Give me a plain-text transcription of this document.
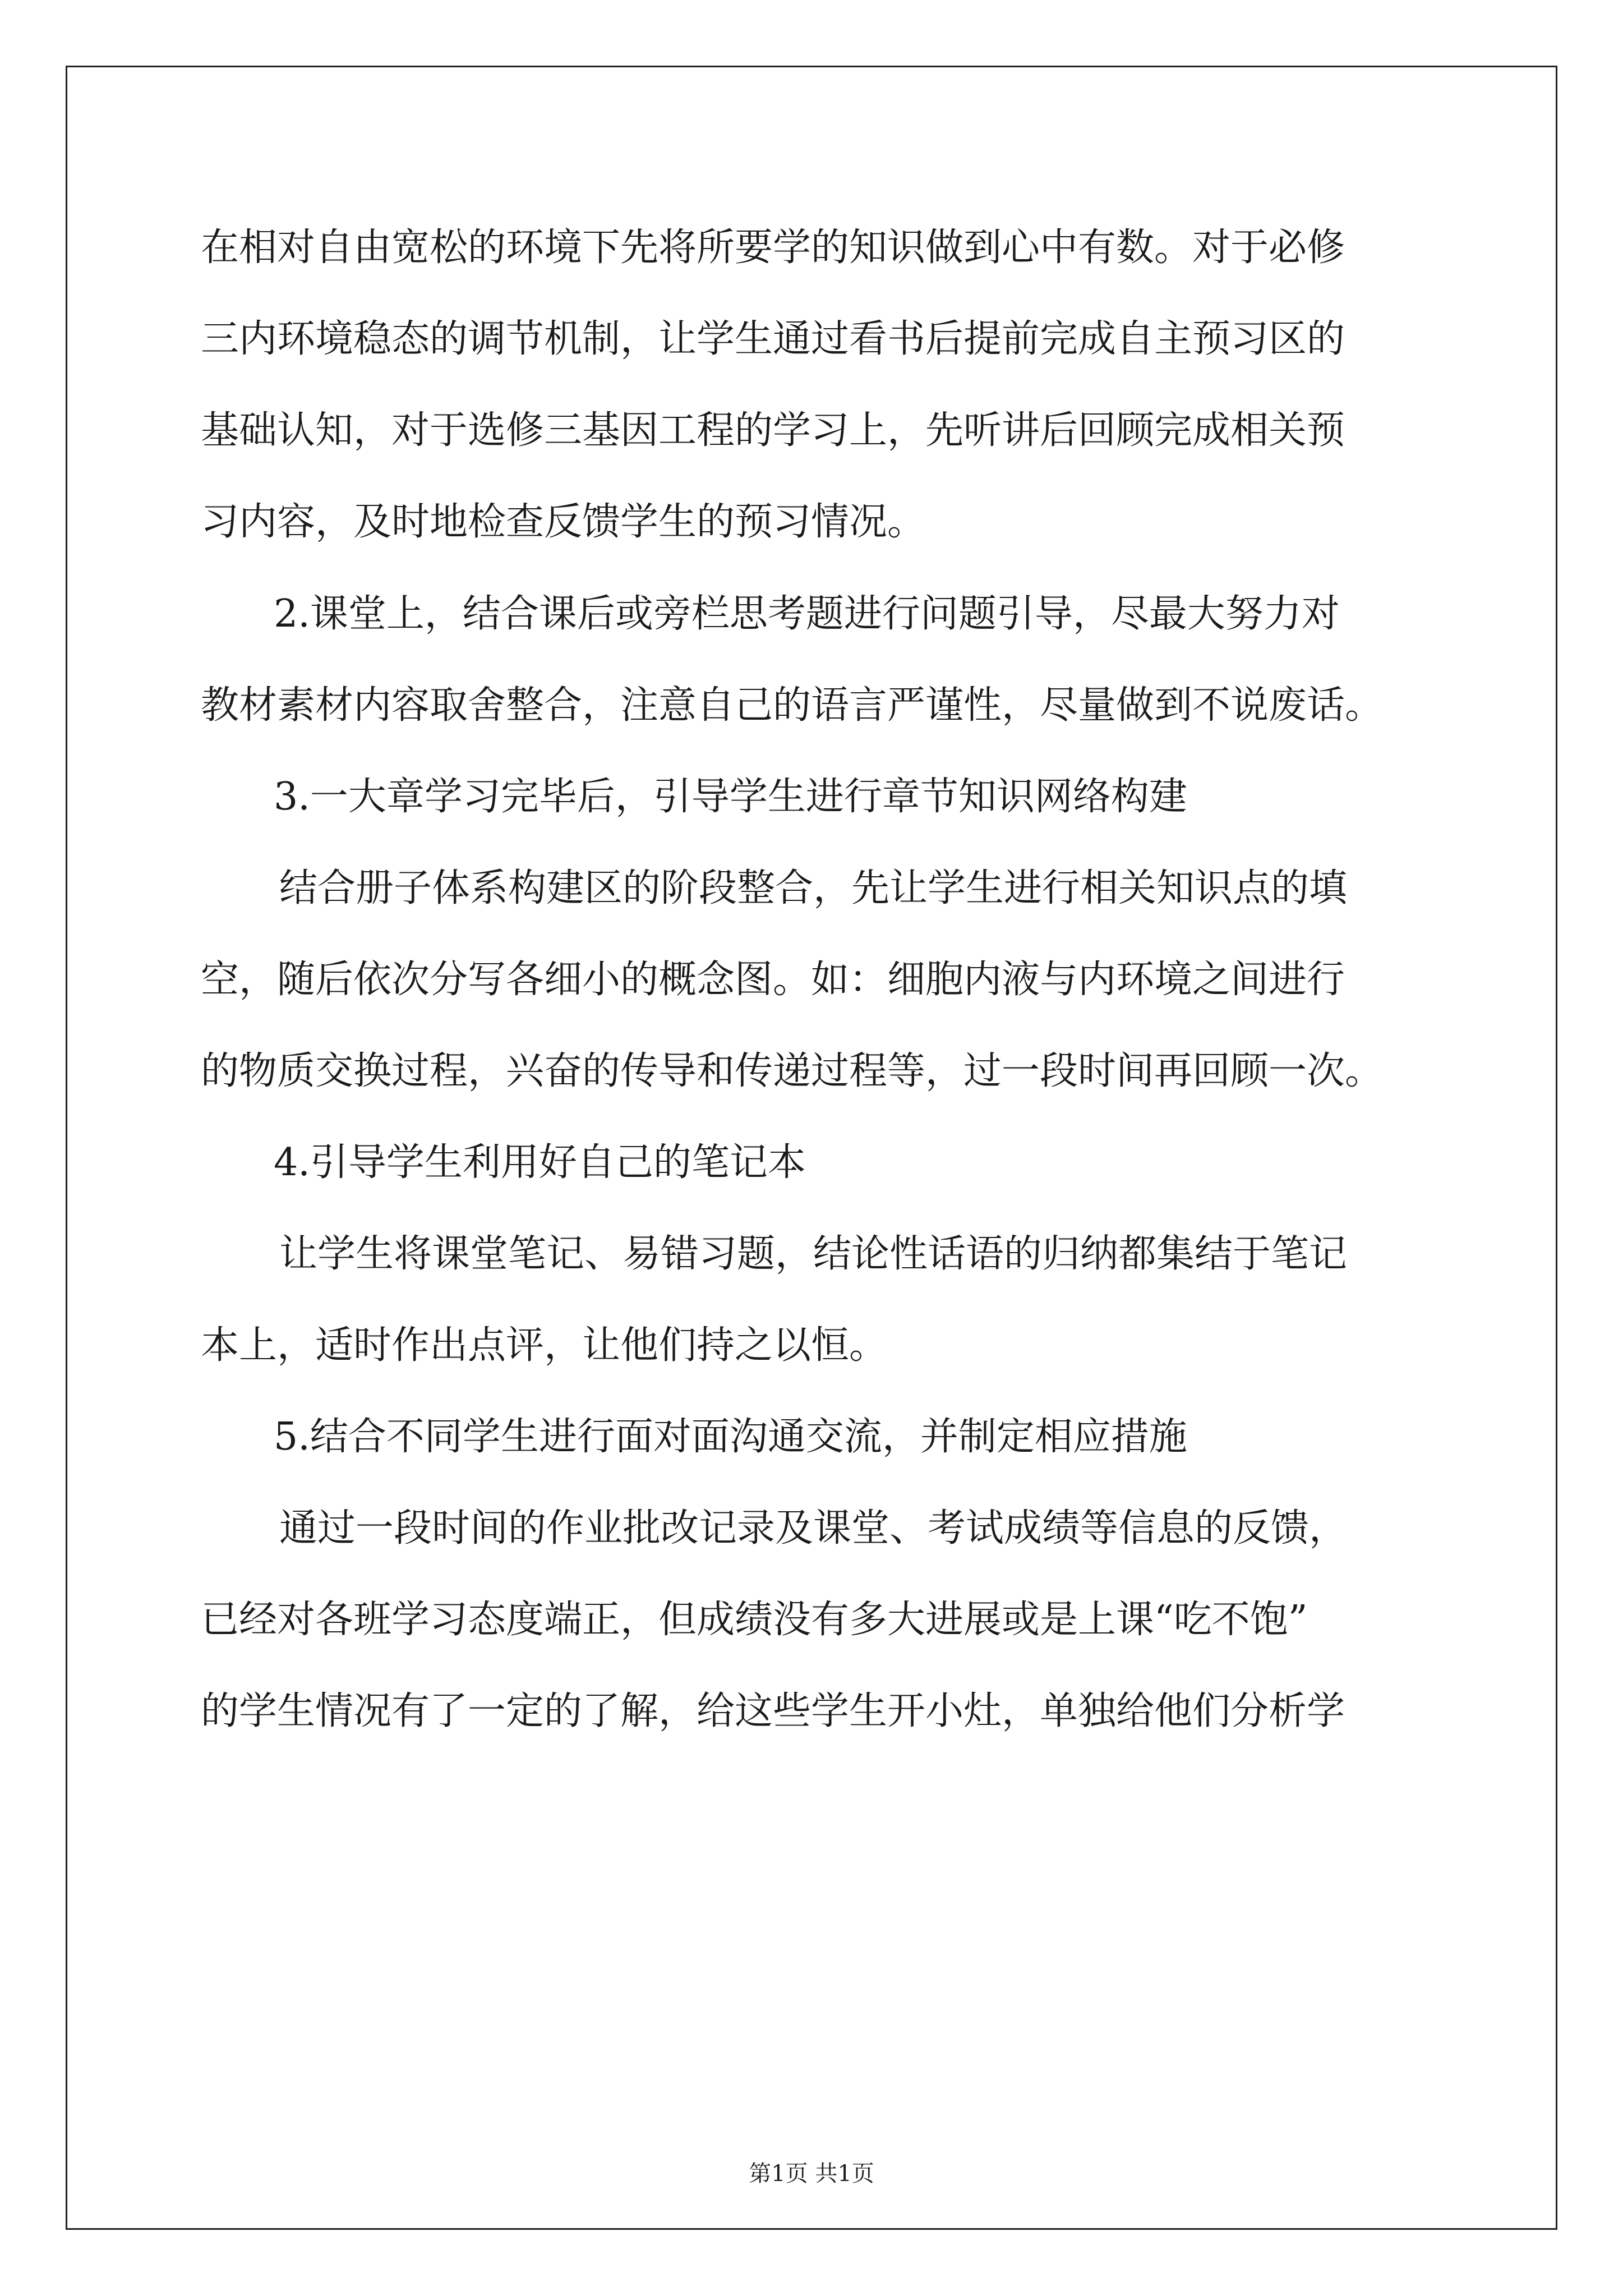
在相对自由宽松的环境下先将所要学的知识做到心中有数。对于必修
三内环境稳态的调节机制，让学生通过看书后提前完成自主预习区的
基础认知，对于选修三基因工程的学习上，先听讲后回顾完成相关预
习内容，及时地检查反馈学生的预习情况。
2.课堂上，结合课后或旁栏思考题进行问题引导，尽最大努力对
教材素材内容取舍整合，注意自己的语言严谨性，尽量做到不说废话。
3.一大章学习完毕后，引导学生进行章节知识网络构建
结合册子体系构建区的阶段整合，先让学生进行相关知识点的填
空，随后依次分写各细小的概念图。如：细胞内液与内环境之间进行
的物质交换过程，兴奋的传导和传递过程等，过一段时间再回顾一次。
4.引导学生利用好自己的笔记本
让学生将课堂笔记、易错习题，结论性话语的归纳都集结于笔记
本上，适时作出点评，让他们持之以恒。
5.结合不同学生进行面对面沟通交流，并制定相应措施
通过一段时间的作业批改记录及课堂、考试成绩等信息的反馈，
已经对各班学习态度端正，但成绩没有多大进展或是上课“吃不饱”
的学生情况有了一定的了解，给这些学生开小灶，单独给他们分析学
第1页 共1页
